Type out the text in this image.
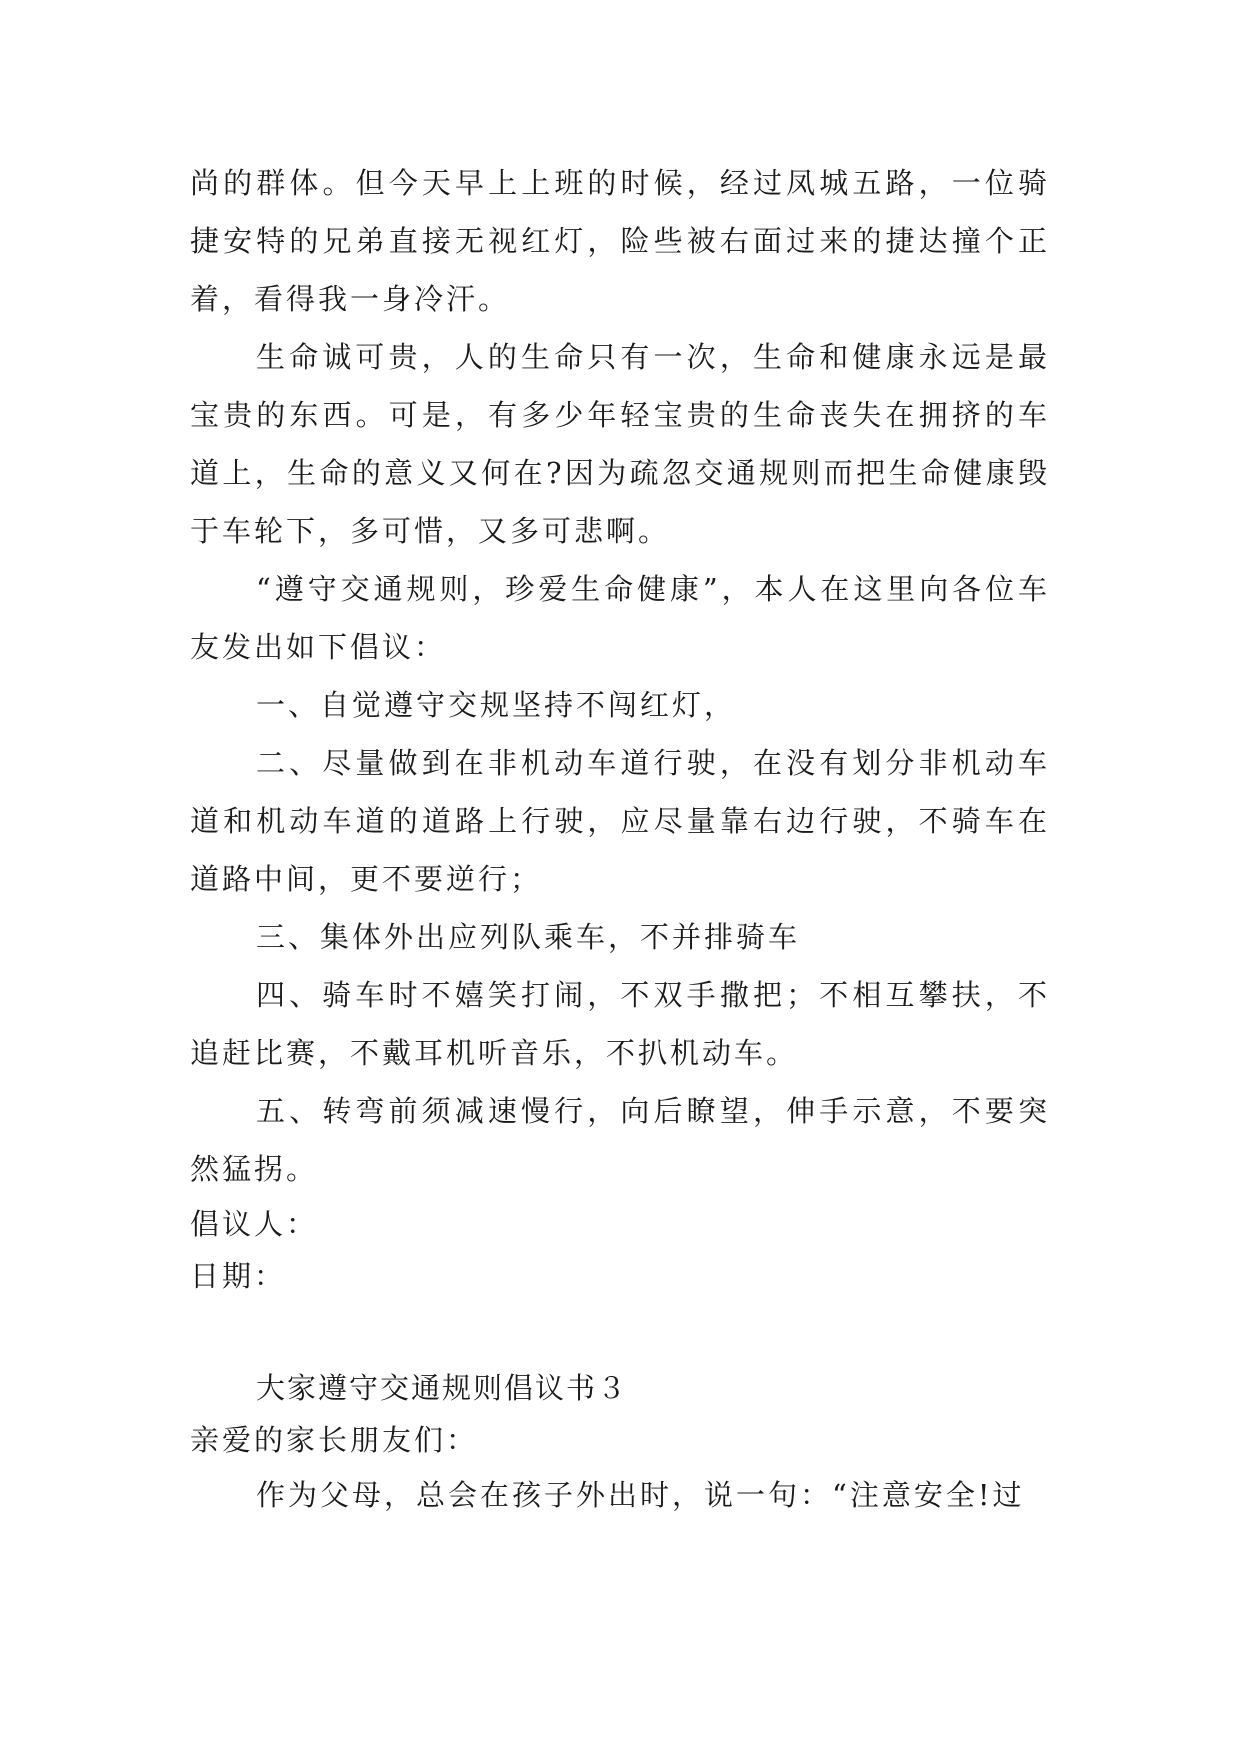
尚的群体。但今天早上上班的时候，经过凤城五路，一位骑捷安特的兄弟直接无视红灯，险些被右面过来的捷达撞个正着，看得我一身冷汗。

生命诚可贵，人的生命只有一次，生命和健康永远是最宝贵的东西。可是，有多少年轻宝贵的生命丧失在拥挤的车道上，生命的意义又何在?因为疏忽交通规则而把生命健康毁于车轮下，多可惜，又多可悲啊。

“遵守交通规则，珍爱生命健康”，本人在这里向各位车友发出如下倡议：

一、自觉遵守交规坚持不闯红灯，

二、尽量做到在非机动车道行驶，在没有划分非机动车道和机动车道的道路上行驶，应尽量靠右边行驶，不骑车在道路中间，更不要逆行；

三、集体外出应列队乘车，不并排骑车

四、骑车时不嬉笑打闹，不双手撒把；不相互攀扶，不追赶比赛，不戴耳机听音乐，不扒机动车。

五、转弯前须减速慢行，向后瞭望，伸手示意，不要突然猛拐。

倡议人：

日期：

大家遵守交通规则倡议书３

亲爱的家长朋友们：

作为父母，总会在孩子外出时，说一句：“注意安全!过
